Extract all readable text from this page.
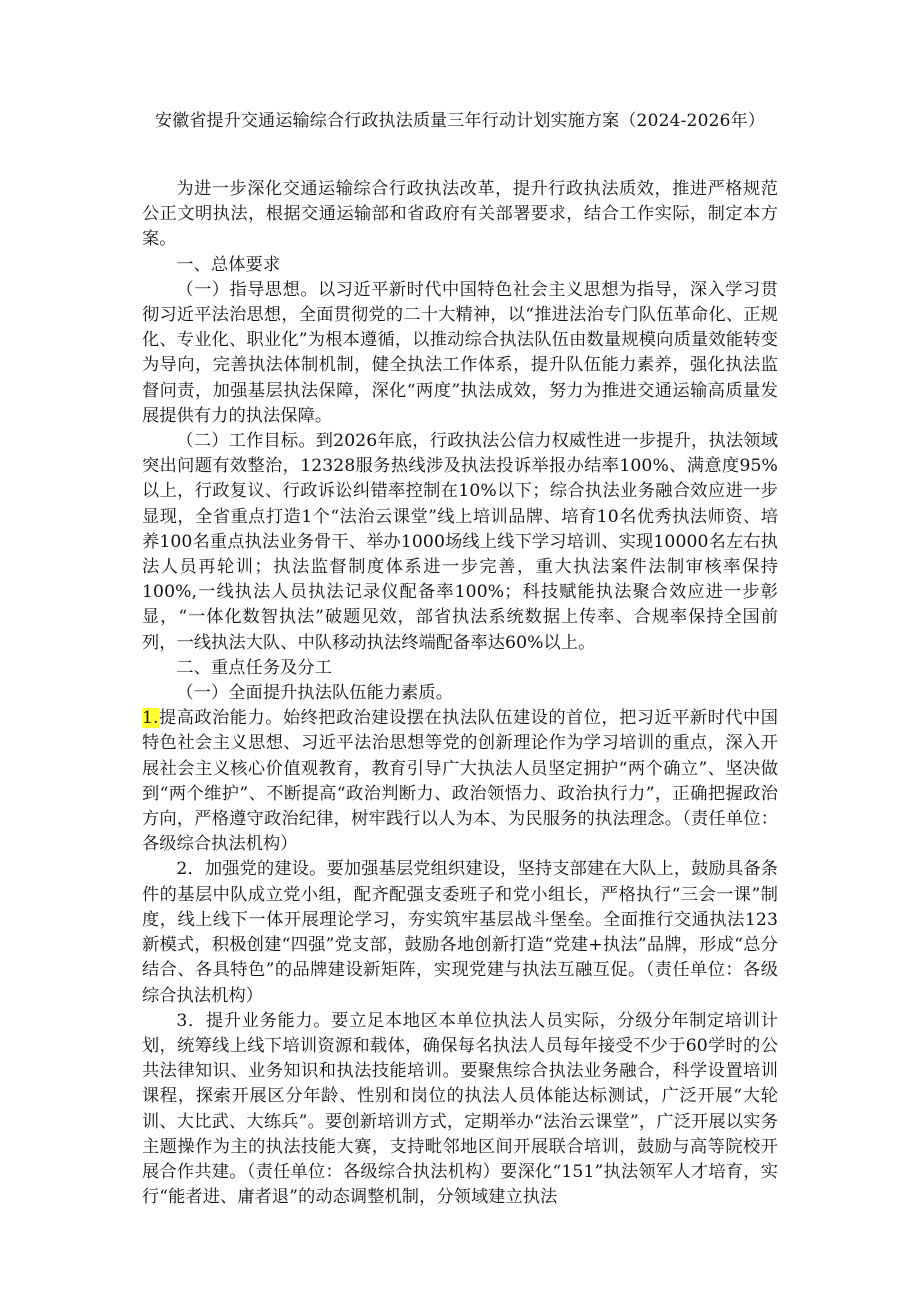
安徽省提升交通运输综合行政执法质量三年行动计划实施方案（2024-2026年）

为进一步深化交通运输综合行政执法改革，提升行政执法质效，推进严格规范公正文明执法，根据交通运输部和省政府有关部署要求，结合工作实际，制定本方案。

一、总体要求

（一）指导思想。以习近平新时代中国特色社会主义思想为指导，深入学习贯彻习近平法治思想，全面贯彻党的二十大精神，以“推进法治专门队伍革命化、正规化、专业化、职业化”为根本遵循，以推动综合执法队伍由数量规模向质量效能转变为导向，完善执法体制机制，健全执法工作体系，提升队伍能力素养，强化执法监督问责，加强基层执法保障，深化“两度”执法成效，努力为推进交通运输高质量发展提供有力的执法保障。

（二）工作目标。到2026年底，行政执法公信力权威性进一步提升，执法领域突出问题有效整治，12328服务热线涉及执法投诉举报办结率100%、满意度95%以上，行政复议、行政诉讼纠错率控制在10%以下；综合执法业务融合效应进一步显现，全省重点打造1个“法治云课堂”线上培训品牌、培育10名优秀执法师资、培养100名重点执法业务骨干、举办1000场线上线下学习培训、实现10000名左右执法人员再轮训；执法监督制度体系进一步完善，重大执法案件法制审核率保持100%,一线执法人员执法记录仪配备率100%；科技赋能执法聚合效应进一步彰显，“一体化数智执法”破题见效，部省执法系统数据上传率、合规率保持全国前列，一线执法大队、中队移动执法终端配备率达60%以上。

二、重点任务及分工

（一）全面提升执法队伍能力素质。

1.提高政治能力。始终把政治建设摆在执法队伍建设的首位，把习近平新时代中国特色社会主义思想、习近平法治思想等党的创新理论作为学习培训的重点，深入开展社会主义核心价值观教育，教育引导广大执法人员坚定拥护“两个确立”、坚决做到“两个维护”、不断提高“政治判断力、政治领悟力、政治执行力”，正确把握政治方向，严格遵守政治纪律，树牢践行以人为本、为民服务的执法理念。（责任单位：各级综合执法机构）

2．加强党的建设。要加强基层党组织建设，坚持支部建在大队上，鼓励具备条件的基层中队成立党小组，配齐配强支委班子和党小组长，严格执行“三会一课”制度，线上线下一体开展理论学习，夯实筑牢基层战斗堡垒。全面推行交通执法123新模式，积极创建“四强”党支部，鼓励各地创新打造“党建+执法”品牌，形成“总分结合、各具特色”的品牌建设新矩阵，实现党建与执法互融互促。（责任单位：各级综合执法机构）

3．提升业务能力。要立足本地区本单位执法人员实际，分级分年制定培训计划，统筹线上线下培训资源和载体，确保每名执法人员每年接受不少于60学时的公共法律知识、业务知识和执法技能培训。要聚焦综合执法业务融合，科学设置培训课程，探索开展区分年龄、性别和岗位的执法人员体能达标测试，广泛开展“大轮训、大比武、大练兵”。要创新培训方式，定期举办“法治云课堂”，广泛开展以实务主题操作为主的执法技能大赛，支持毗邻地区间开展联合培训，鼓励与高等院校开展合作共建。（责任单位：各级综合执法机构）要深化“151”执法领军人才培育，实行“能者进、庸者退”的动态调整机制，分领域建立执法
